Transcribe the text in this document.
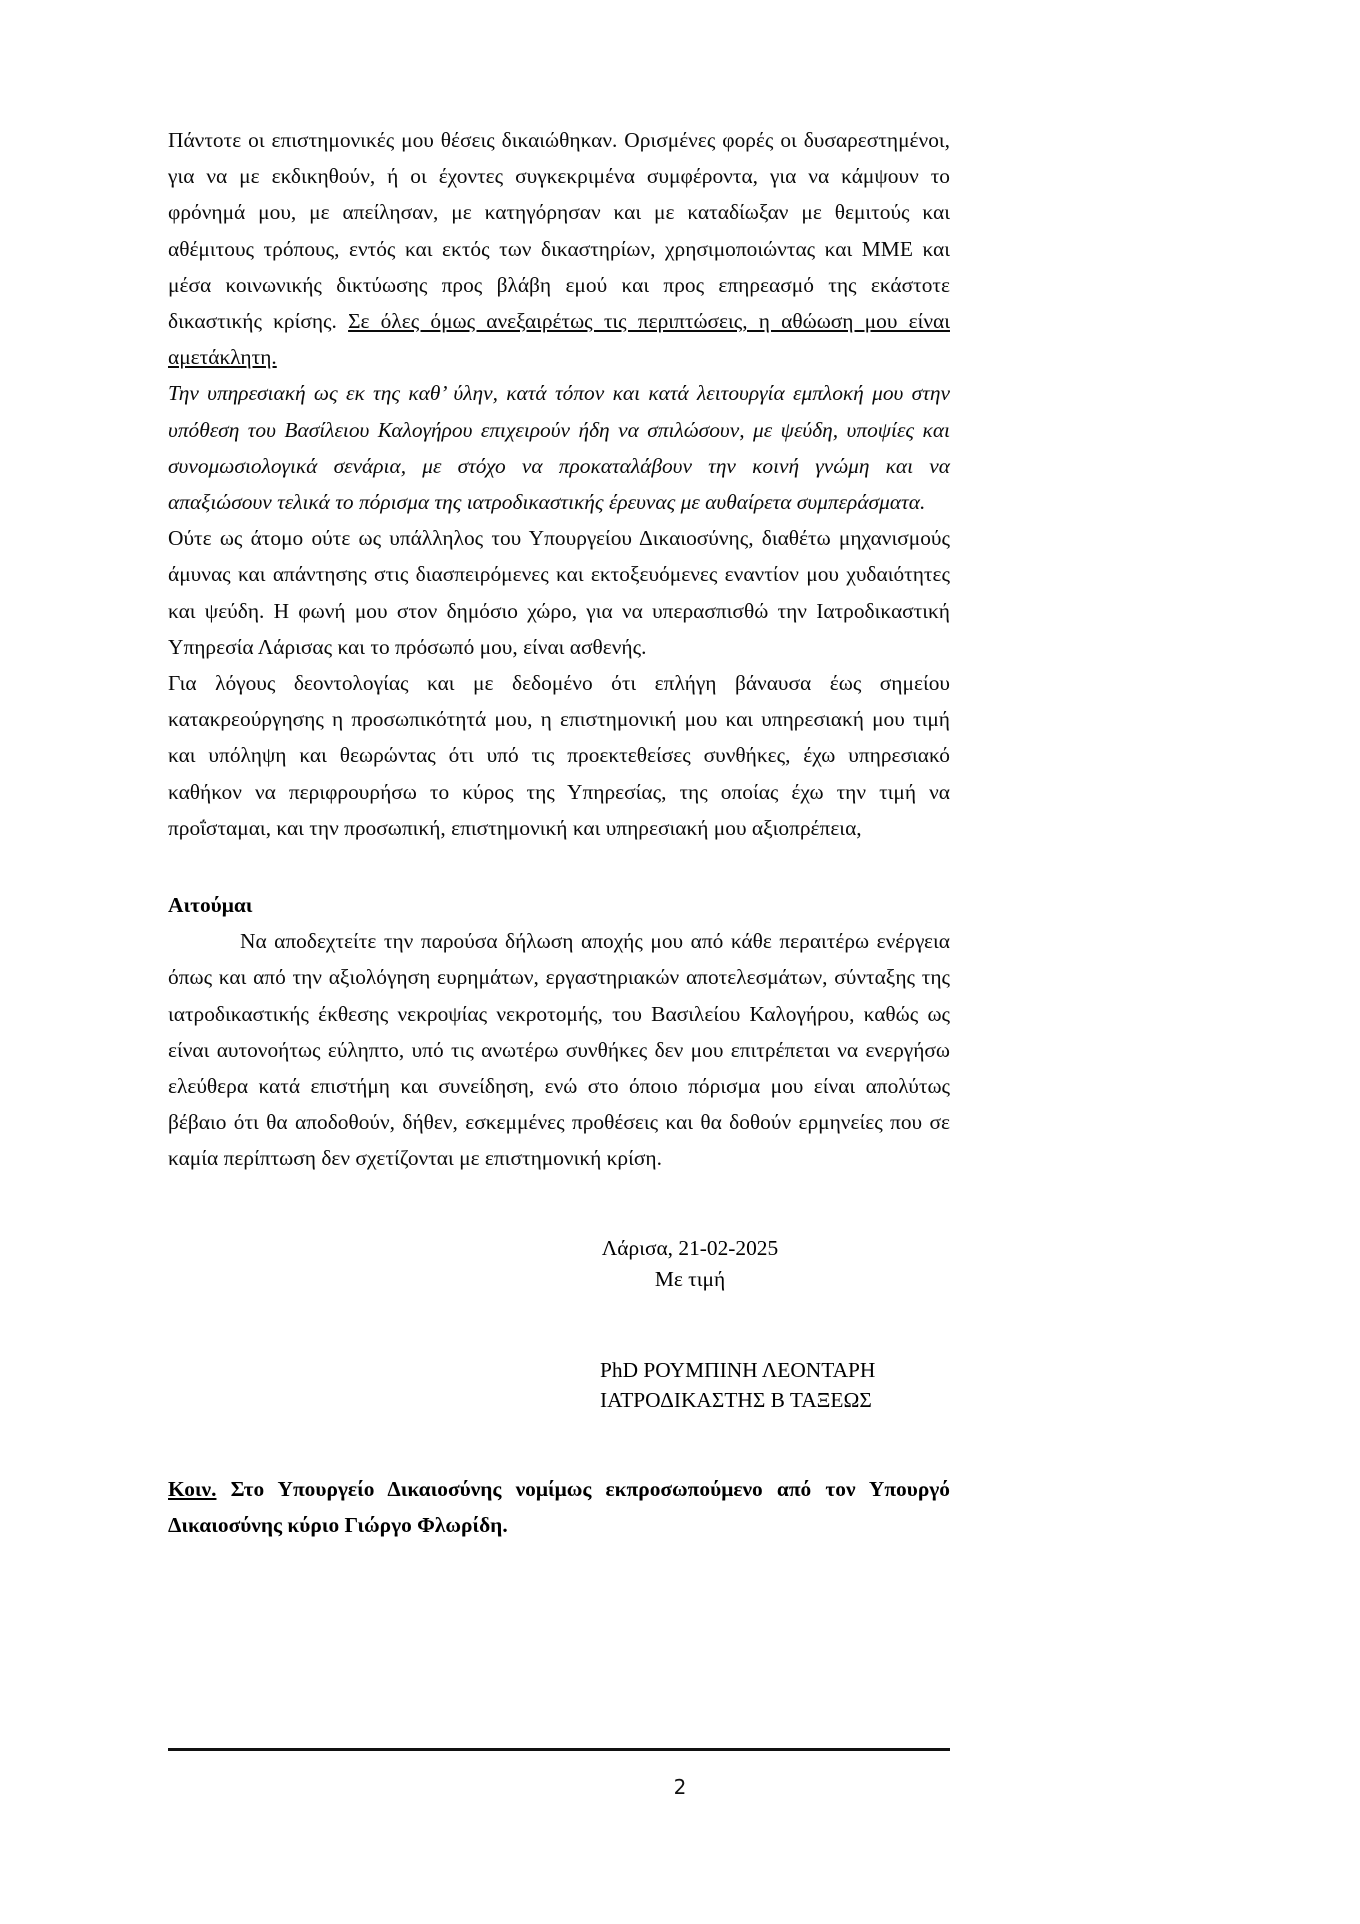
Πάντοτε οι επιστημονικές μου θέσεις δικαιώθηκαν. Ορισμένες φορές οι δυσαρεστημένοι, για να με εκδικηθούν, ή οι έχοντες συγκεκριμένα συμφέροντα, για να κάμψουν το φρόνημά μου, με απείλησαν, με κατηγόρησαν και με καταδίωξαν με θεμιτούς και αθέμιτους τρόπους, εντός και εκτός των δικαστηρίων, χρησιμοποιώντας και ΜΜΕ και μέσα κοινωνικής δικτύωσης προς βλάβη εμού και προς επηρεασμό της εκάστοτε δικαστικής κρίσης. Σε όλες όμως ανεξαιρέτως τις περιπτώσεις, η αθώωση μου είναι αμετάκλητη.

Την υπηρεσιακή ως εκ της καθ’ ύλην, κατά τόπον και κατά λειτουργία εμπλοκή μου στην υπόθεση του Βασίλειου Καλογήρου επιχειρούν ήδη να σπιλώσουν, με ψεύδη, υποψίες και συνομωσιολογικά σενάρια, με στόχο να προκαταλάβουν την κοινή γνώμη και να απαξιώσουν τελικά το πόρισμα της ιατροδικαστικής έρευνας με αυθαίρετα συμπεράσματα.

Ούτε ως άτομο ούτε ως υπάλληλος του Υπουργείου Δικαιοσύνης, διαθέτω μηχανισμούς άμυνας και απάντησης στις διασπειρόμενες και εκτοξευόμενες εναντίον μου χυδαιότητες και ψεύδη. Η φωνή μου στον δημόσιο χώρο, για να υπερασπισθώ την Ιατροδικαστική Υπηρεσία Λάρισας και το πρόσωπό μου, είναι ασθενής.

Για λόγους δεοντολογίας και με δεδομένο ότι επλήγη βάναυσα έως σημείου κατακρεούργησης η προσωπικότητά μου, η επιστημονική μου και υπηρεσιακή μου τιμή και υπόληψη και θεωρώντας ότι υπό τις προεκτεθείσες συνθήκες, έχω υπηρεσιακό καθήκον να περιφρουρήσω το κύρος της Υπηρεσίας, της οποίας έχω την τιμή να προΐσταμαι, και την προσωπική, επιστημονική και υπηρεσιακή μου αξιοπρέπεια,

Αιτούμαι

Να αποδεχτείτε την παρούσα δήλωση αποχής μου από κάθε περαιτέρω ενέργεια όπως και από την αξιολόγηση ευρημάτων, εργαστηριακών αποτελεσμάτων, σύνταξης της ιατροδικαστικής έκθεσης νεκροψίας νεκροτομής, του Βασιλείου Καλογήρου, καθώς ως είναι αυτονοήτως εύληπτο, υπό τις ανωτέρω συνθήκες δεν μου επιτρέπεται να ενεργήσω ελεύθερα κατά επιστήμη και συνείδηση, ενώ στο όποιο πόρισμα μου είναι απολύτως βέβαιο ότι θα αποδοθούν, δήθεν, εσκεμμένες προθέσεις και θα δοθούν ερμηνείες που σε καμία περίπτωση δεν σχετίζονται με επιστημονική κρίση.

Λάρισα, 21-02-2025
Με τιμή
PhD ΡΟΥΜΠΙΝΗ ΛΕΟΝΤΑΡΗ
ΙΑΤΡΟΔΙΚΑΣΤΗΣ Β ΤΑΞΕΩΣ

Κοιν. Στο Υπουργείο Δικαιοσύνης νομίμως εκπροσωπούμενο από τον Υπουργό Δικαιοσύνης κύριο Γιώργο Φλωρίδη.

2
